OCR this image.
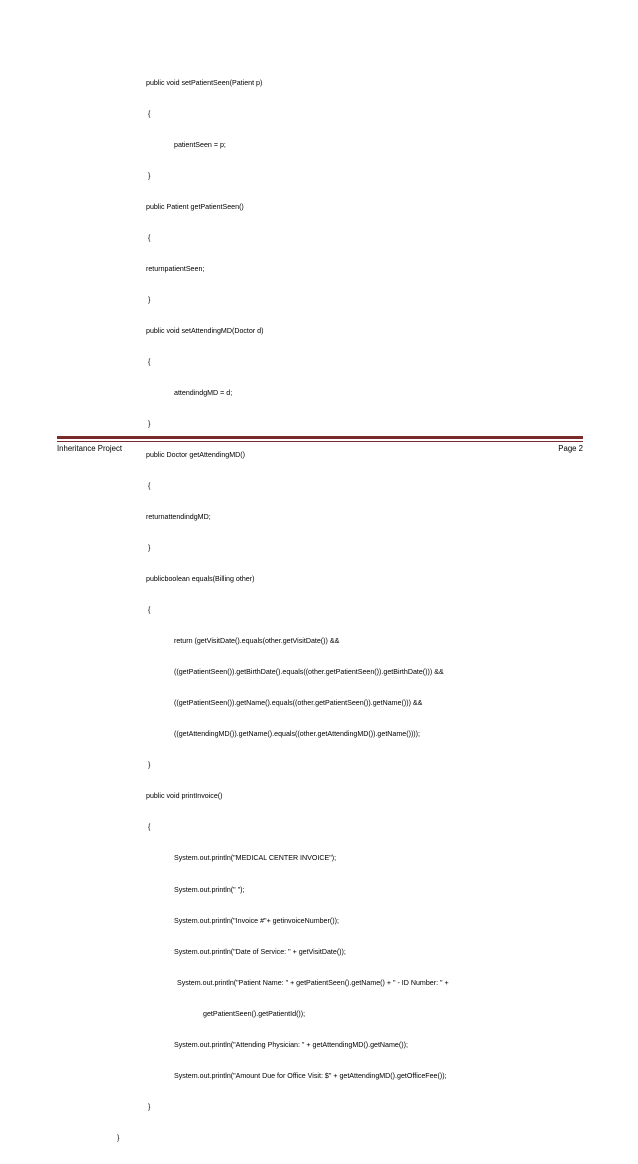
public void setPatientSeen(Patient p)

{

patientSeen = p;

}

public Patient getPatientSeen()

{

returnpatientSeen;

}

public void setAttendingMD(Doctor d)

{

attendindgMD = d;

}

public Doctor getAttendingMD()

{

returnattendindgMD;

}

publicboolean equals(Billing other)

{

return (getVisitDate().equals(other.getVisitDate()) &&

((getPatientSeen()).getBirthDate().equals((other.getPatientSeen()).getBirthDate())) &&

((getPatientSeen()).getName().equals((other.getPatientSeen()).getName())) &&

((getAttendingMD()).getName().equals((other.getAttendingMD()).getName())));

}

public void printInvoice()

{

System.out.println("MEDICAL CENTER INVOICE");

System.out.println(" ");

System.out.println("Invoice #"+ getinvoiceNumber());

System.out.println("Date of Service: " + getVisitDate());

System.out.println("Patient Name: " + getPatientSeen().getName() + " - ID Number: " +

getPatientSeen().getPatientId());

System.out.println("Attending Physician: " + getAttendingMD().getName());

System.out.println("Amount Due for Office Visit: $" + getAttendingMD().getOfficeFee());

}

}

Inheritance Project	Page 2
